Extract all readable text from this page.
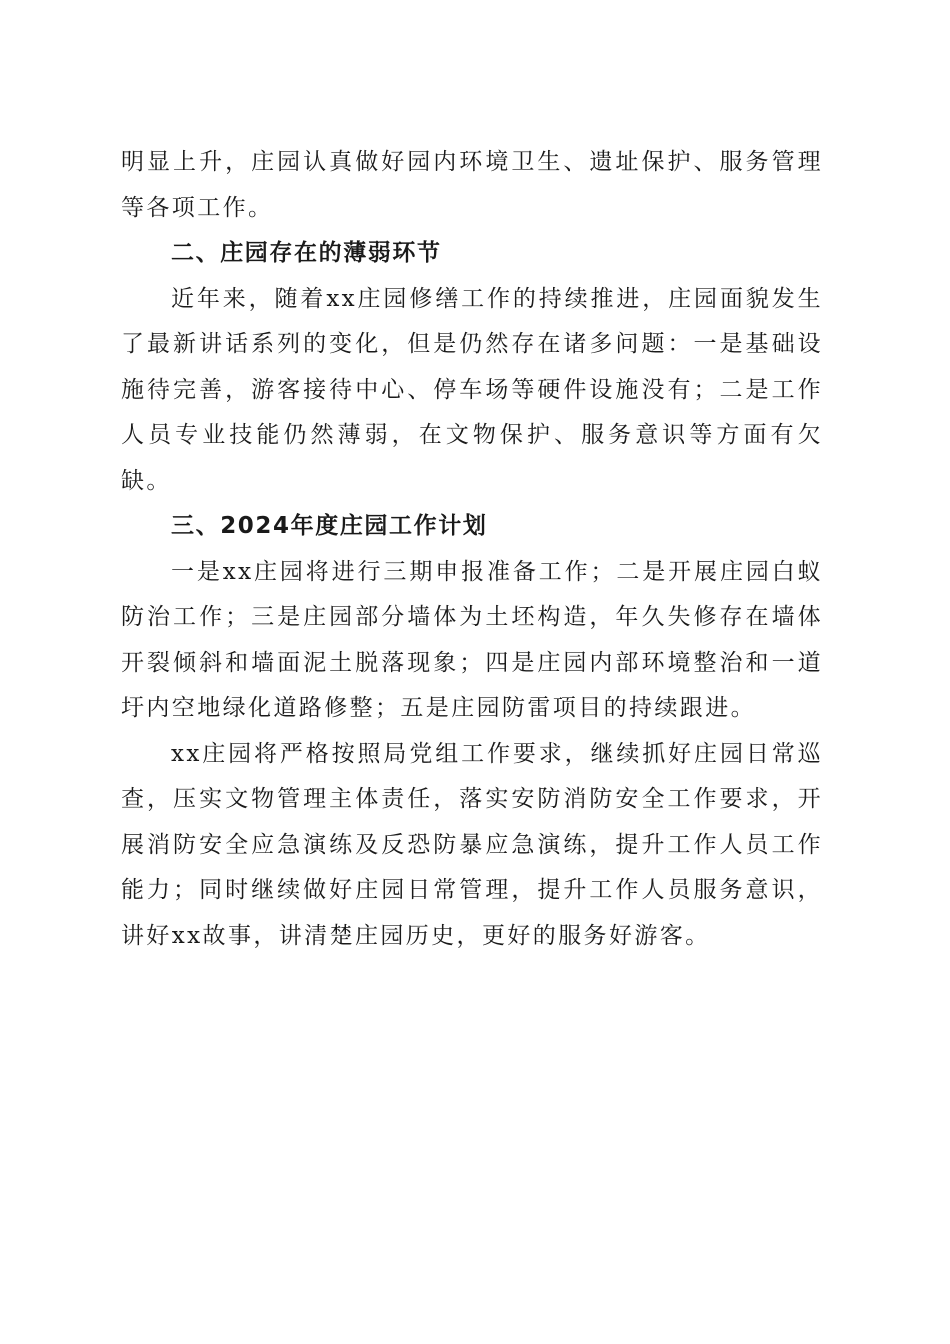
明显上升，庄园认真做好园内环境卫生、遗址保护、服务管理等各项工作。

二、庄园存在的薄弱环节

近年来，随着xx庄园修缮工作的持续推进，庄园面貌发生了最新讲话系列的变化，但是仍然存在诸多问题：一是基础设施待完善，游客接待中心、停车场等硬件设施没有；二是工作人员专业技能仍然薄弱，在文物保护、服务意识等方面有欠缺。

三、2024年度庄园工作计划

一是xx庄园将进行三期申报准备工作；二是开展庄园白蚁防治工作；三是庄园部分墙体为土坯构造，年久失修存在墙体开裂倾斜和墙面泥土脱落现象；四是庄园内部环境整治和一道圩内空地绿化道路修整；五是庄园防雷项目的持续跟进。

xx庄园将严格按照局党组工作要求，继续抓好庄园日常巡查，压实文物管理主体责任，落实安防消防安全工作要求，开展消防安全应急演练及反恐防暴应急演练，提升工作人员工作能力；同时继续做好庄园日常管理，提升工作人员服务意识，讲好xx故事，讲清楚庄园历史，更好的服务好游客。
